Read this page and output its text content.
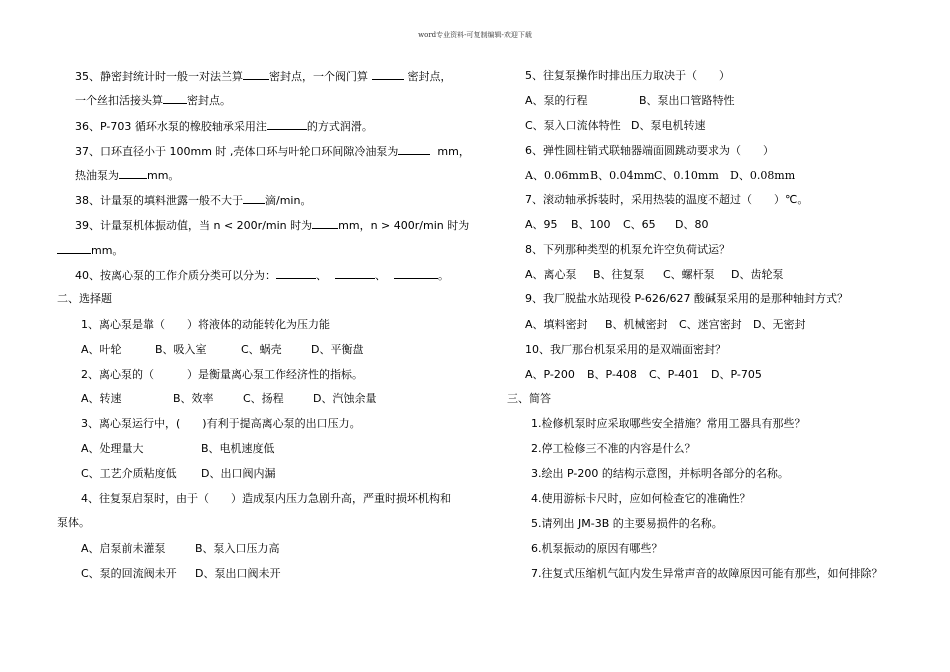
word专业资料-可复制编辑-欢迎下载
35、静密封统计时一般一对法兰算 密封点，一个阀门算	密封点，
一个丝扣活接头算 密封点。
36、P-703 循环水泵的橡胶轴承采用注	的方式润滑。
37、口环直径小于 100mm 时 ,壳体口环与叶轮口环间隙冷油泵为	mm，
热油泵为	mm。
38、计量泵的填料泄露一般不大于 滴/min。
39、计量泵机体振动值，当 n < 200r/min 时为 mm，n > 400r/min 时为
mm。
40、按离心泵的工作介质分类可以分为：	、	、	。
二、选择题
1、离心泵是靠（　　）将液体的动能转化为压力能
A、叶轮	B、吸入室	C、蜗壳	D、平衡盘
2、离心泵的（　　　）是衡量离心泵工作经济性的指标。
A、转速	B、效率	C、扬程	D、汽蚀余量
3、离心泵运行中，(　　)有利于提高离心泵的出口压力。
A、处理量大	B、电机速度低
C、工艺介质粘度低 D、出口阀内漏
4、往复泵启泵时，由于（　　）造成泵内压力急剧升高，严重时损坏机构和
泵体。
A、启泵前未灌泵	B、泵入口压力高
C、泵的回流阀未开 D、泵出口阀未开
5、往复泵操作时排出压力取决于（　　）
A、泵的行程	B、泵出口管路特性
C、泵入口流体特性 D、泵电机转速
6、弹性圆柱销式联轴器端面圆跳动要求为（　　）
A、0.06mmB、0.04mmC、0.10mm D、0.08mm
7、滚动轴承拆装时，采用热装的温度不超过（　　）℃。
A、95 B、100 C、65 D、80
8、下列那种类型的机泵允许空负荷试运？
A、离心泵 B、往复泵 C、螺杆泵 D、齿轮泵
9、我厂脱盐水站现役 P-626/627 酸碱泵采用的是那种轴封方式？
A、填料密封 B、机械密封 C、迷宫密封 D、无密封
10、我厂那台机泵采用的是双端面密封？
A、P-200 B、P-408 C、P-401 D、P-705
三、简答
1.检修机泵时应采取哪些安全措施？常用工器具有那些？
2.停工检修三不准的内容是什么？
3.绘出 P-200 的结构示意图，并标明各部分的名称。
4.使用游标卡尺时，应如何检查它的准确性？
5.请列出 JM-3B 的主要易损件的名称。
6.机泵振动的原因有哪些？
7.往复式压缩机气缸内发生异常声音的故障原因可能有那些，如何排除？
